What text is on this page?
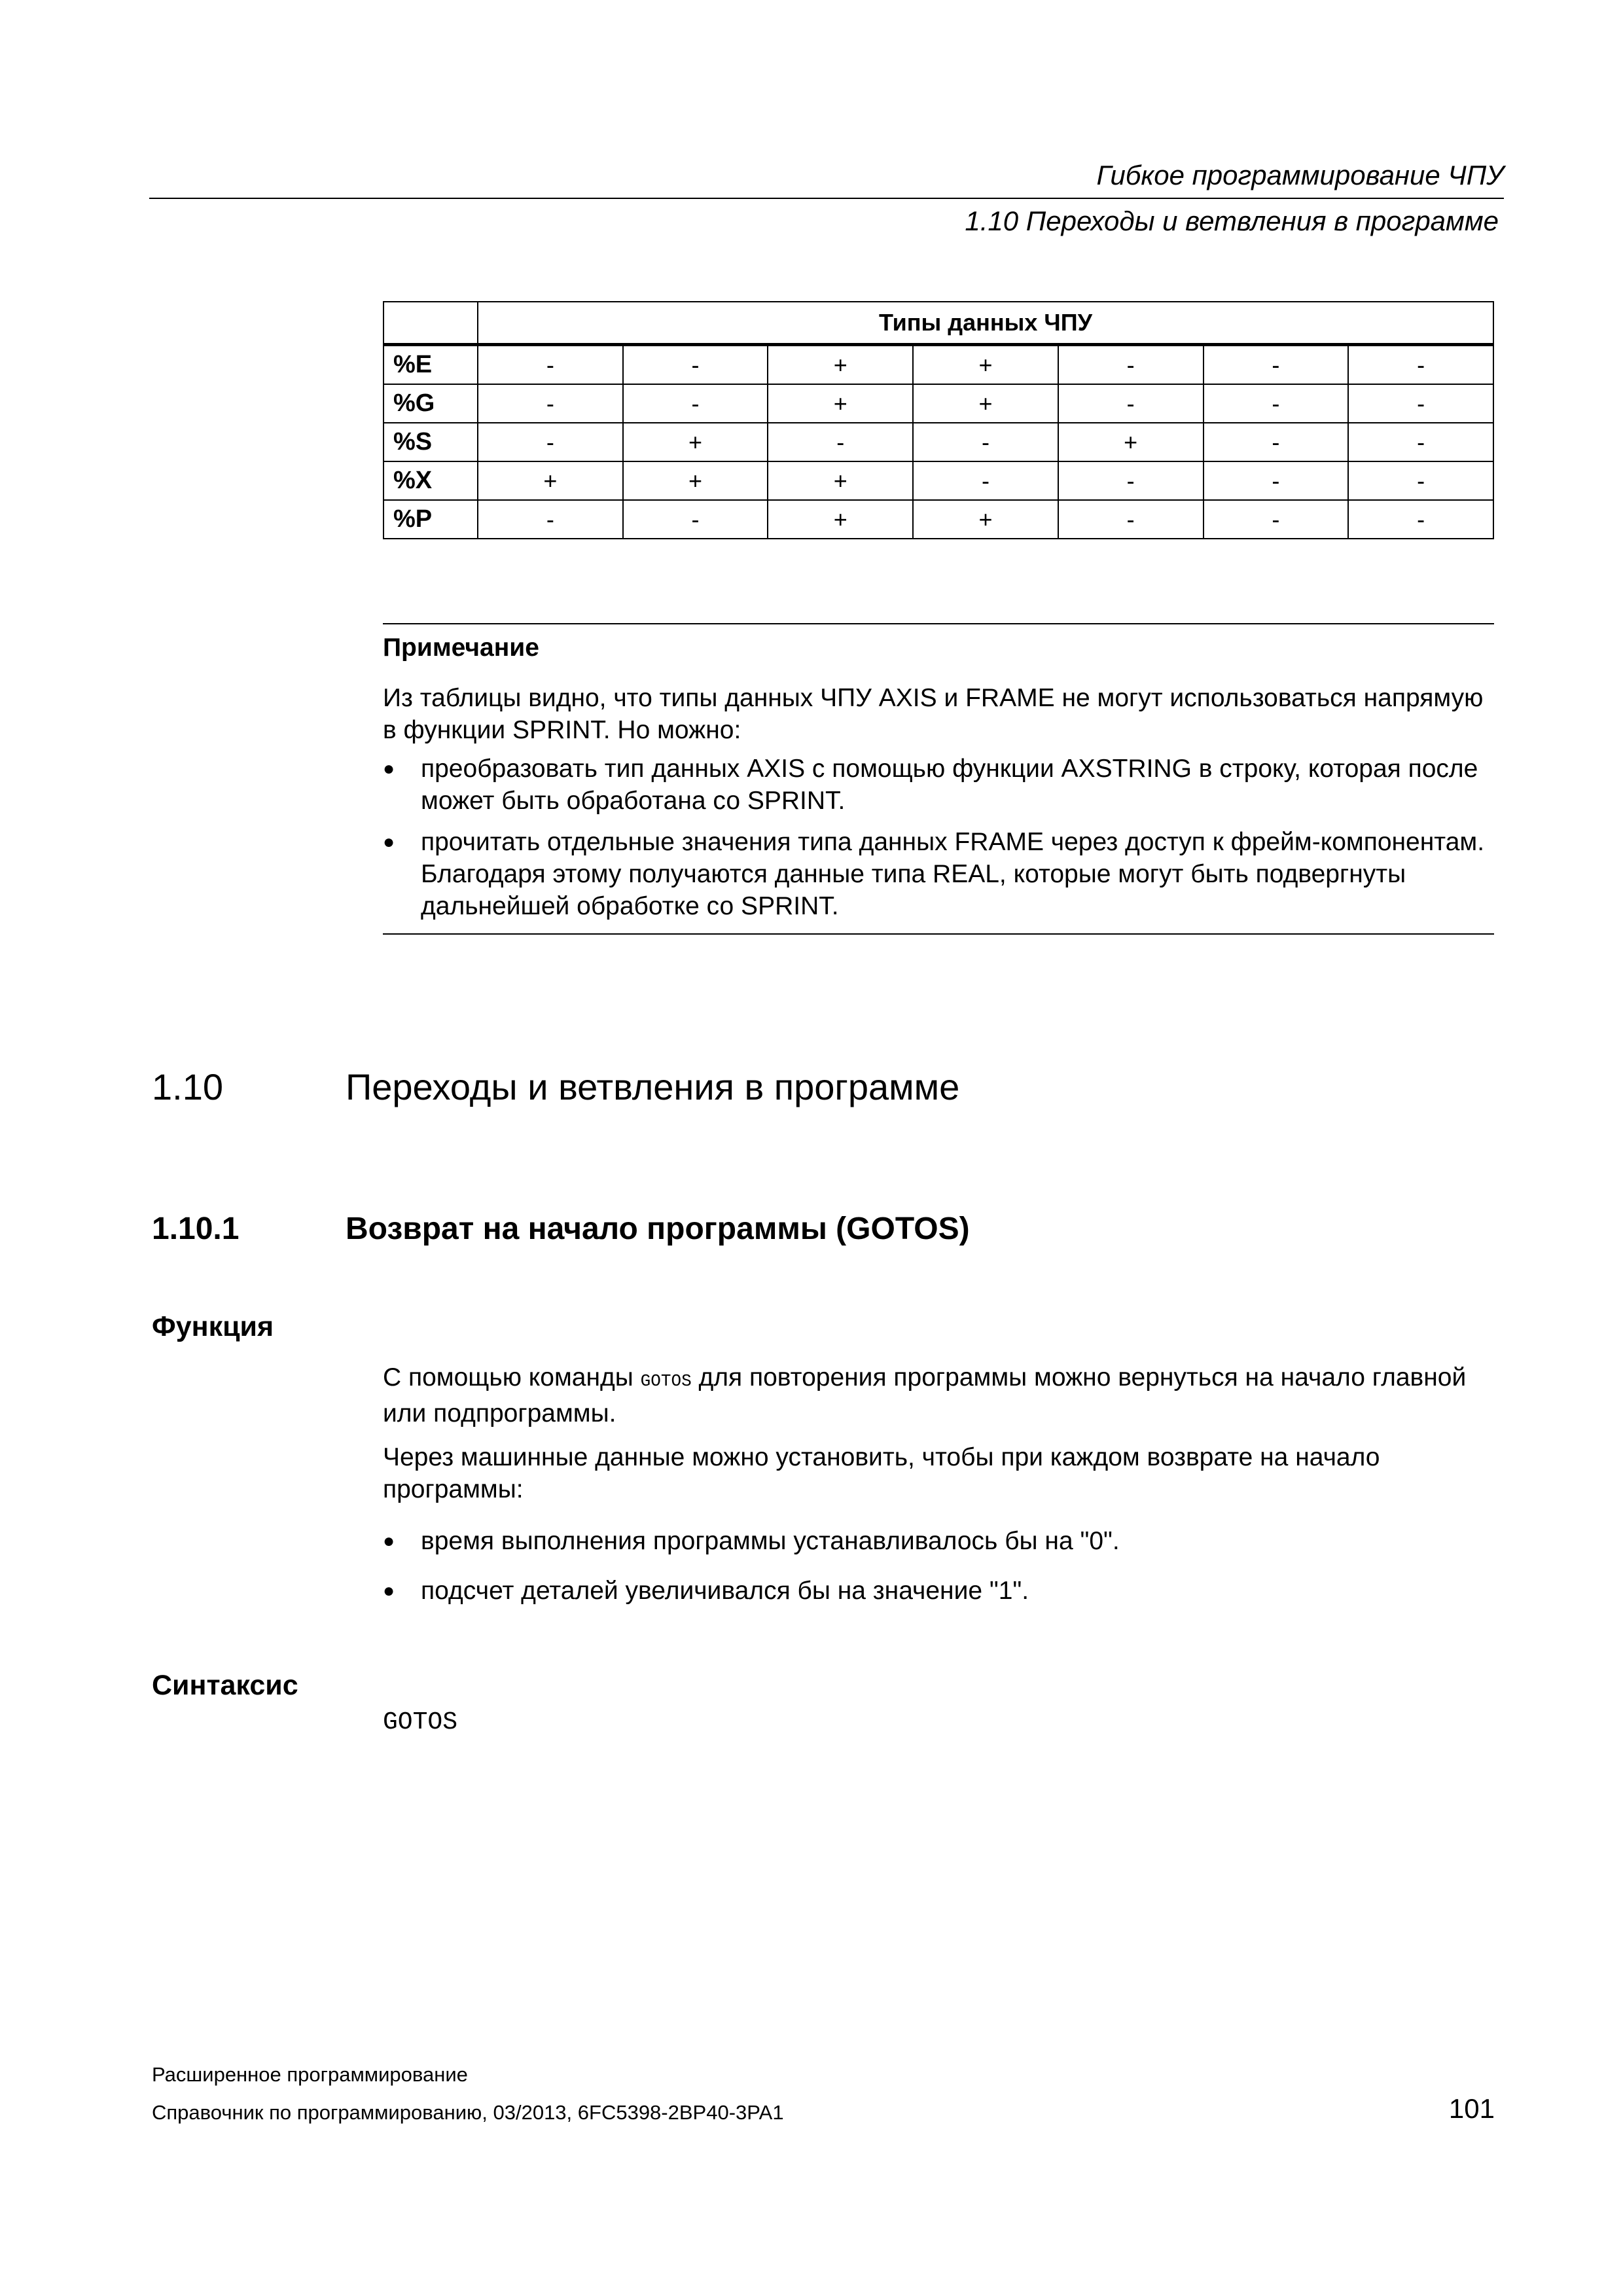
Гибкое программирование ЧПУ
1.10 Переходы и ветвления в программе
	Типы данных ЧПУ						
%E	-	-	+	+	-	-	-
%G	-	-	+	+	-	-	-
%S	-	+	-	-	+	-	-
%X	+	+	+	-	-	-	-
%P	-	-	+	+	-	-	-
Примечание
Из таблицы видно, что типы данных ЧПУ AXIS и FRAME не могут использоваться напрямую в функции SPRINT. Но можно:
● преобразовать тип данных AXIS с помощью функции AXSTRING в строку, которая после может быть обработана со SPRINT.
● прочитать отдельные значения типа данных FRAME через доступ к фрейм-компонентам. Благодаря этому получаются данные типа REAL, которые могут быть подвергнуты дальнейшей обработке со SPRINT.
1.10	Переходы и ветвления в программе
1.10.1	Возврат на начало программы (GOTOS)
Функция
С помощью команды GOTOS для повторения программы можно вернуться на начало главной или подпрограммы.
Через машинные данные можно установить, чтобы при каждом возврате на начало программы:
● время выполнения программы устанавливалось бы на "0".
● подсчет деталей увеличивался бы на значение "1".
Синтаксис
GOTOS
Расширенное программирование
Справочник по программированию, 03/2013, 6FC5398-2BP40-3PA1	101
